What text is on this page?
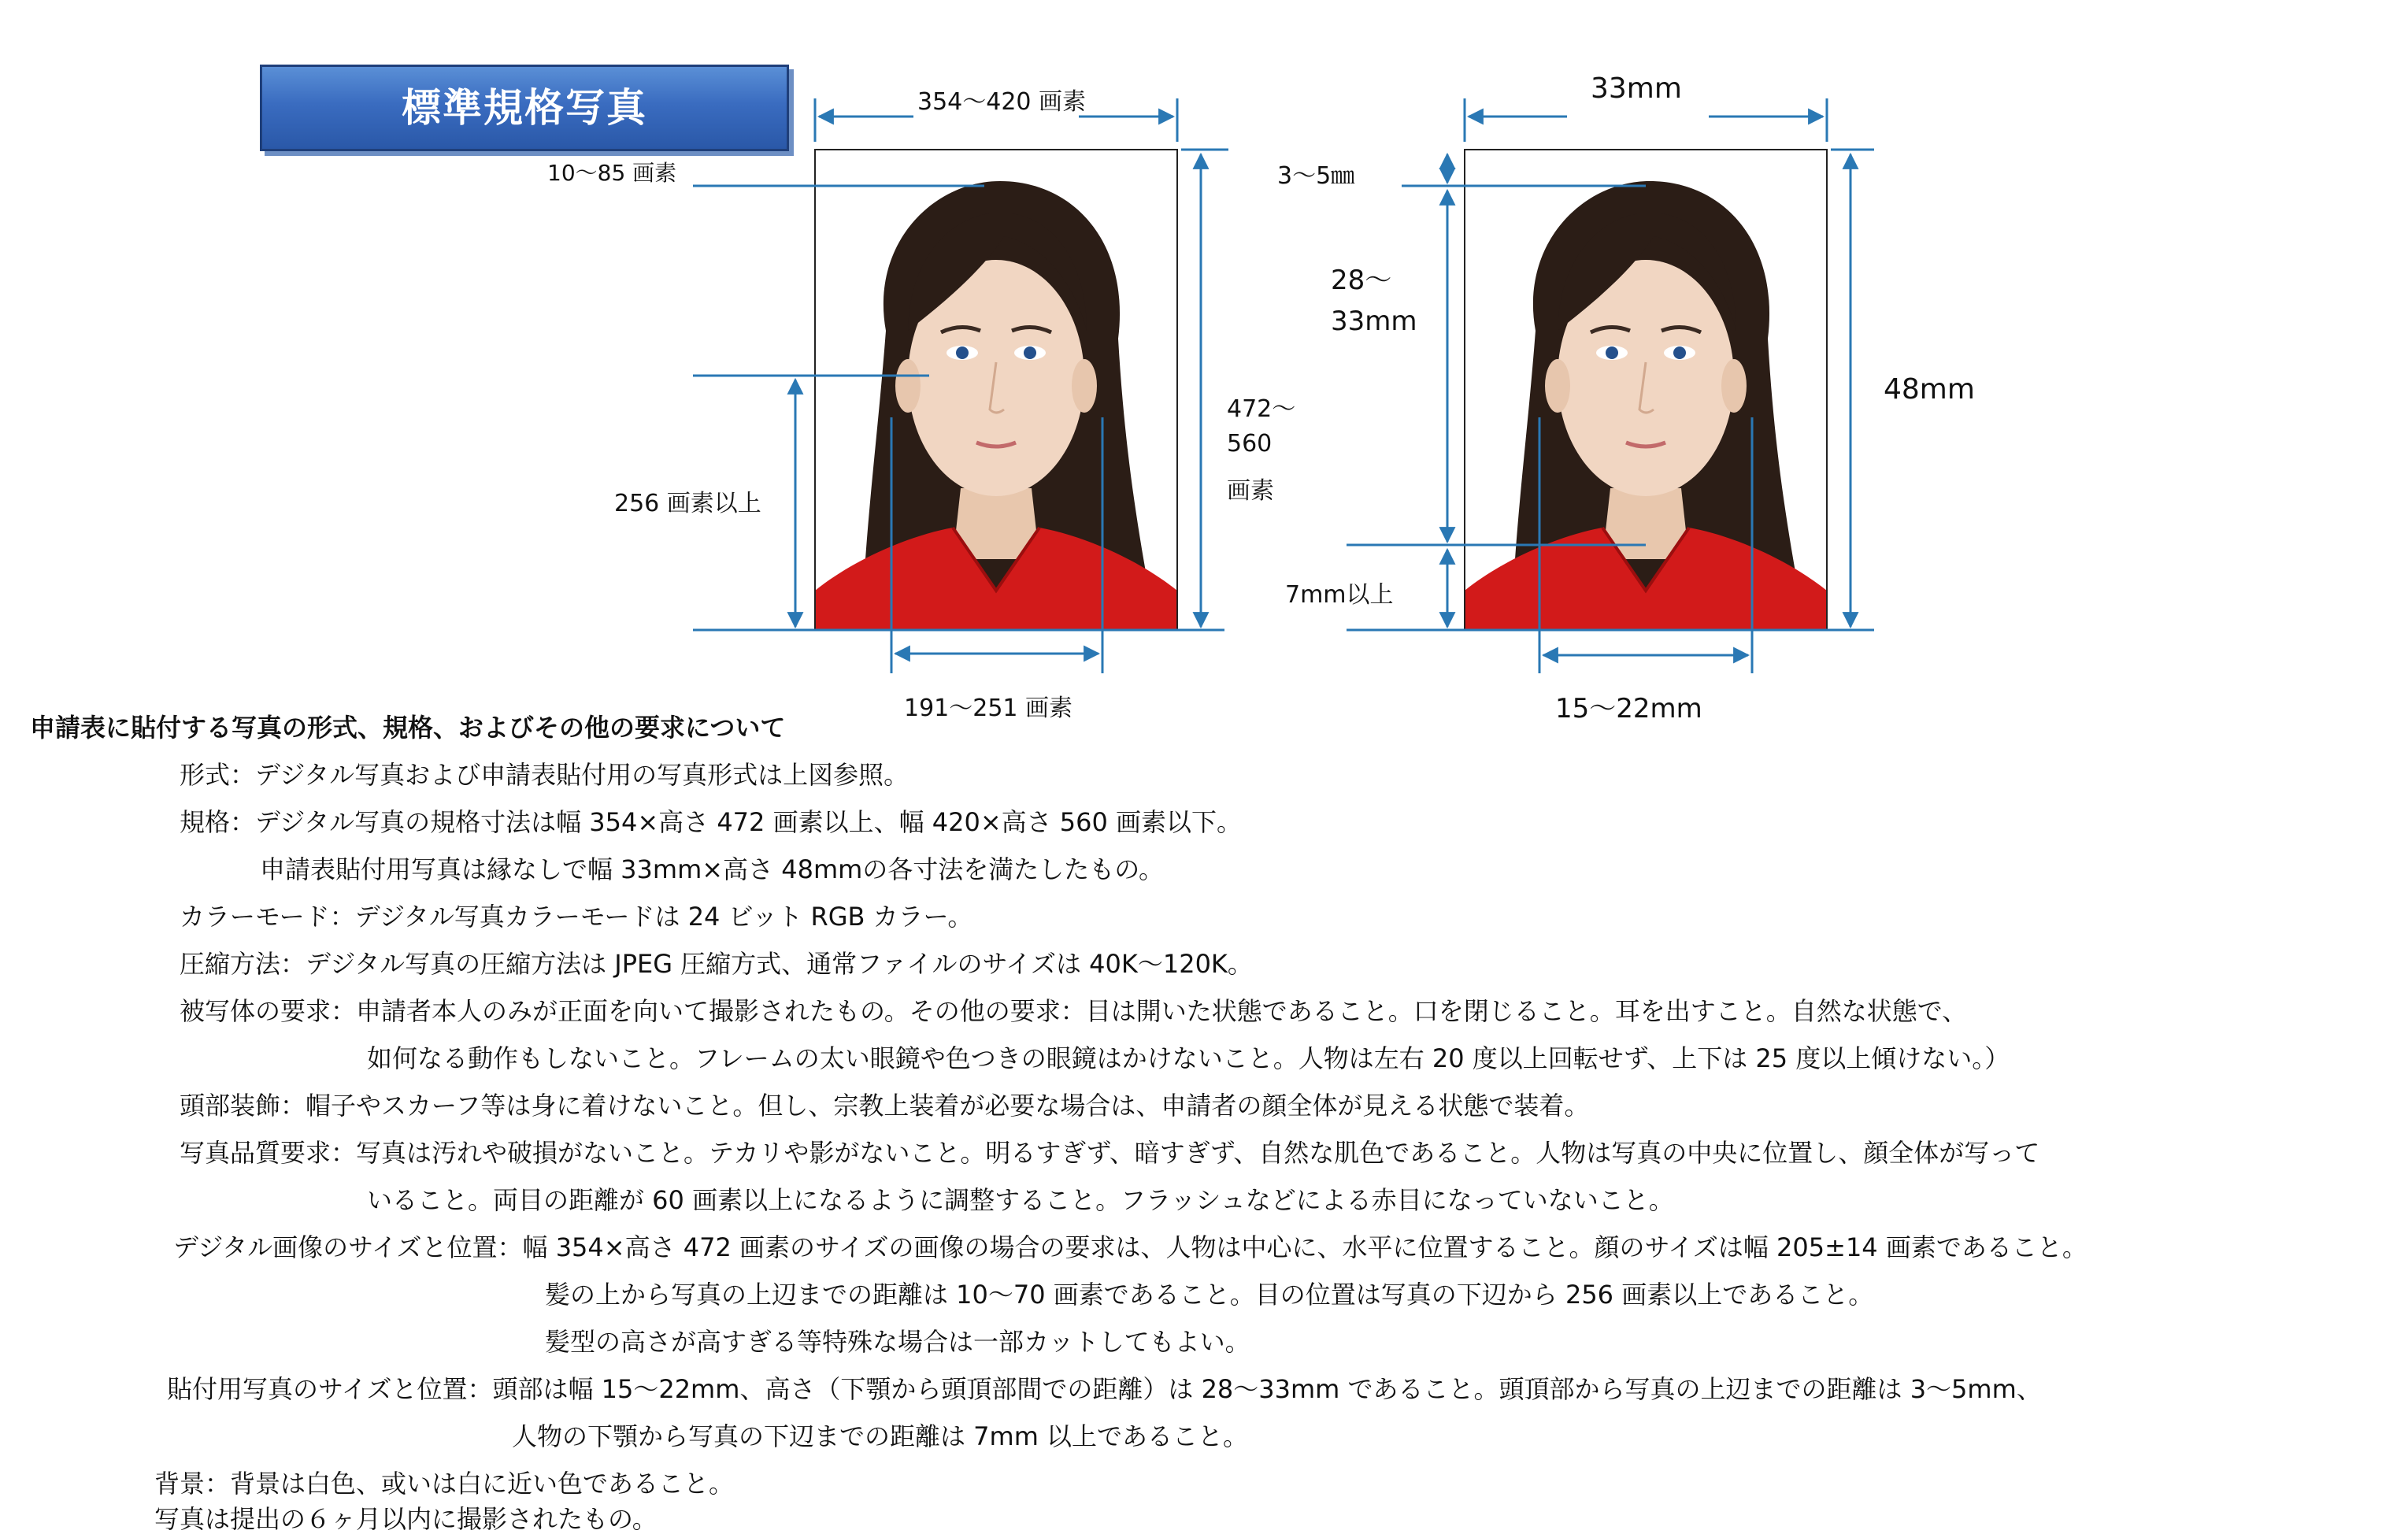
標準規格写真	354～420 画素
10～85 画素
472～
560
画素
256 画素以上
191～251 画素
33mm
3～5㎜
28～
33mm
48mm
7mm以上
15～22mm
申請表に貼付する写真の形式、規格、およびその他の要求について
形式：デジタル写真および申請表貼付用の写真形式は上図参照。
規格：デジタル写真の規格寸法は幅 354×高さ 472 画素以上、幅 420×高さ 560 画素以下。
申請表貼付用写真は縁なしで幅 33mm×高さ 48mmの各寸法を満たしたもの。
カラーモード：デジタル写真カラーモードは 24 ビット RGB カラー。
圧縮方法：デジタル写真の圧縮方法は JPEG 圧縮方式、通常ファイルのサイズは 40K～120K。
被写体の要求：申請者本人のみが正面を向いて撮影されたもの。その他の要求：目は開いた状態であること。口を閉じること。耳を出すこと。自然な状態で、
如何なる動作もしないこと。フレームの太い眼鏡や色つきの眼鏡はかけないこと。人物は左右 20 度以上回転せず、上下は 25 度以上傾けない。）
頭部装飾：帽子やスカーフ等は身に着けないこと。但し、宗教上装着が必要な場合は、申請者の顔全体が見える状態で装着。
写真品質要求：写真は汚れや破損がないこと。テカリや影がないこと。明るすぎず、暗すぎず、自然な肌色であること。人物は写真の中央に位置し、顔全体が写って
いること。両目の距離が 60 画素以上になるように調整すること。フラッシュなどによる赤目になっていないこと。
デジタル画像のサイズと位置：幅 354×高さ 472 画素のサイズの画像の場合の要求は、人物は中心に、水平に位置すること。顔のサイズは幅 205±14 画素であること。
髪の上から写真の上辺までの距離は 10～70 画素であること。目の位置は写真の下辺から 256 画素以上であること。
髪型の高さが高すぎる等特殊な場合は一部カットしてもよい。
貼付用写真のサイズと位置：頭部は幅 15～22mm、高さ（下顎から頭頂部間での距離）は 28～33mm であること。頭頂部から写真の上辺までの距離は 3～5mm、
人物の下顎から写真の下辺までの距離は 7mm 以上であること。
背景：背景は白色、或いは白に近い色であること。
写真は提出の６ヶ月以内に撮影されたもの。
